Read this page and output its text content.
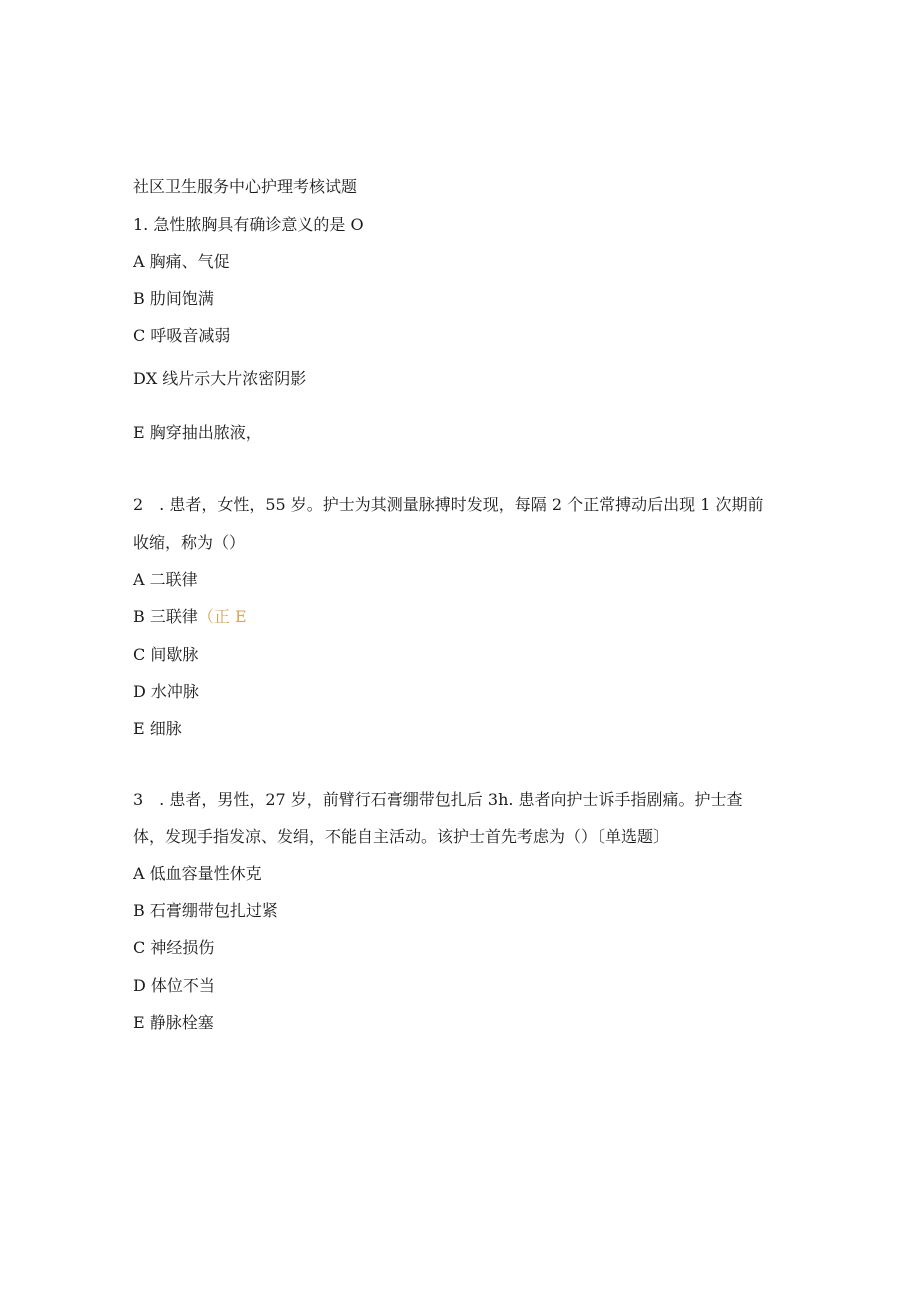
社区卫生服务中心护理考核试题
1. 急性脓胸具有确诊意义的是 O
A 胸痛、气促
B 肋间饱满
C 呼吸音减弱
DX 线片示大片浓密阴影
E 胸穿抽出脓液，
2　. 患者，女性，55 岁。护士为其测量脉搏时发现，每隔 2 个正常搏动后出现 1 次期前
收缩，称为（）
A 二联律
B 三联律（正 E
C 间歇脉
D 水冲脉
E 细脉
3　. 患者，男性，27 岁，前臂行石膏绷带包扎后 3h. 患者向护士诉手指剧痛。护士查
体，发现手指发凉、发绢，不能自主活动。该护士首先考虑为（）〔单选题〕
A 低血容量性休克
B 石膏绷带包扎过紧
C 神经损伤
D 体位不当
E 静脉栓塞
